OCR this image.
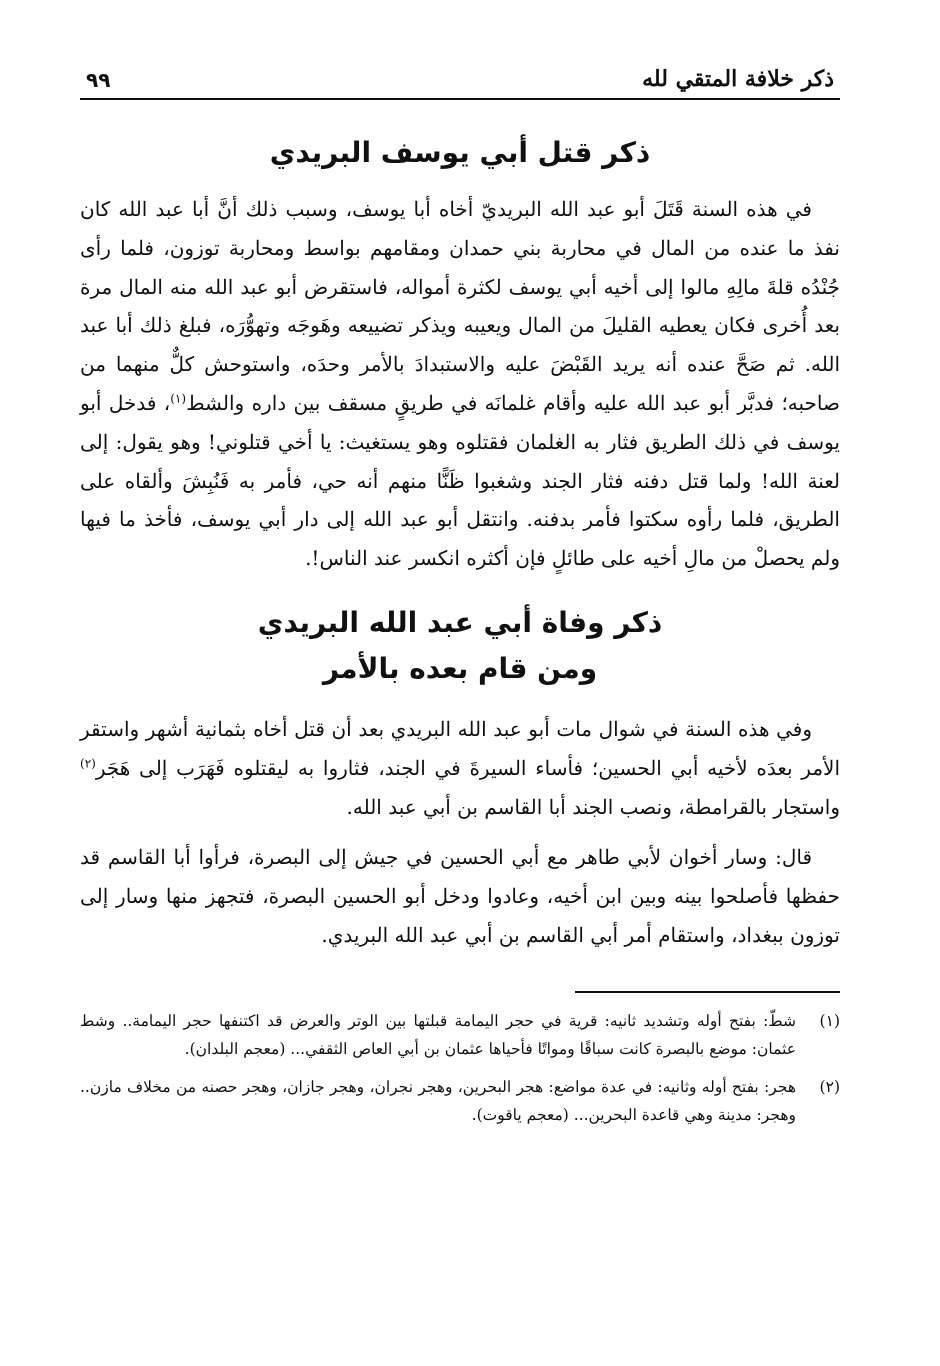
ذكر خلافة المتقي لله
٩٩
ذكر قتل أبي يوسف البريدي

في هذه السنة قَتَلَ أبو عبد الله البريديّ أخاه أبا يوسف، وسبب ذلك أنَّ أبا عبد الله كان نفذ ما عنده من المال في محاربة بني حمدان ومقامهم بواسط ومحاربة توزون، فلما رأى جُنْدُه قلةَ مالِهِ مالوا إلى أخيه أبي يوسف لكثرة أمواله، فاستقرض أبو عبد الله منه المال مرة بعد أُخرى فكان يعطيه القليلَ من المال ويعيبه ويذكر تضييعه وهَوجَه وتهوُّرَه، فبلغ ذلك أبا عبد الله. ثم صَحَّ عنده أنه يريد القَبْضَ عليه والاستبدادَ بالأمر وحدَه، واستوحش كلٌّ منهما من صاحبه؛ فدبَّر أبو عبد الله عليه وأقام غلمانَه في طريقٍ مسقف بين داره والشط$^{(١)}$، فدخل أبو يوسف في ذلك الطريق فثار به الغلمان فقتلوه وهو يستغيث: يا أخي قتلوني! وهو يقول: إلى لعنة الله! ولما قتل دفنه فثار الجند وشغبوا ظَنًّا منهم أنه حي، فأمر به فَنُبِشَ وألقاه على الطريق، فلما رأوه سكتوا فأمر بدفنه. وانتقل أبو عبد الله إلى دار أبي يوسف، فأخذ ما فيها ولم يحصلْ من مالِ أخيه على طائلٍ فإن أكثره انكسر عند الناس!.

ذكر وفاة أبي عبد الله البريدي
ومن قام بعده بالأمر

وفي هذه السنة في شوال مات أبو عبد الله البريدي بعد أن قتل أخاه بثمانية أشهر واستقر الأمر بعدَه لأخيه أبي الحسين؛ فأساء السيرةَ في الجند، فثاروا به ليقتلوه فَهَرَب إلى هَجَر$^{(٢)}$ واستجار بالقرامطة، ونصب الجند أبا القاسم بن أبي عبد الله.

قال: وسار أخوان لأبي طاهر مع أبي الحسين في جيش إلى البصرة، فرأوا أبا القاسم قد حفظها فأصلحوا بينه وبين ابن أخيه، وعادوا ودخل أبو الحسين البصرة، فتجهز منها وسار إلى توزون ببغداد، واستقام أمر أبي القاسم بن أبي عبد الله البريدي.

(١)
شطّ: بفتح أوله وتشديد ثانيه: قرية في حجر اليمامة قبلتها بين الوتر والعرض قد اكتنفها حجر اليمامة.. وشط عثمان: موضع بالبصرة كانت سباقًا ومواتًا فأحياها عثمان بن أبي العاص الثقفي... (معجم البلدان).
(٢)
هجر: بفتح أوله وثانيه: في عدة مواضع: هجر البحرين، وهجر نجران، وهجر جازان، وهجر حصنه من مخلاف مازن.. وهجر: مدينة وهي قاعدة البحرين... (معجم ياقوت).
